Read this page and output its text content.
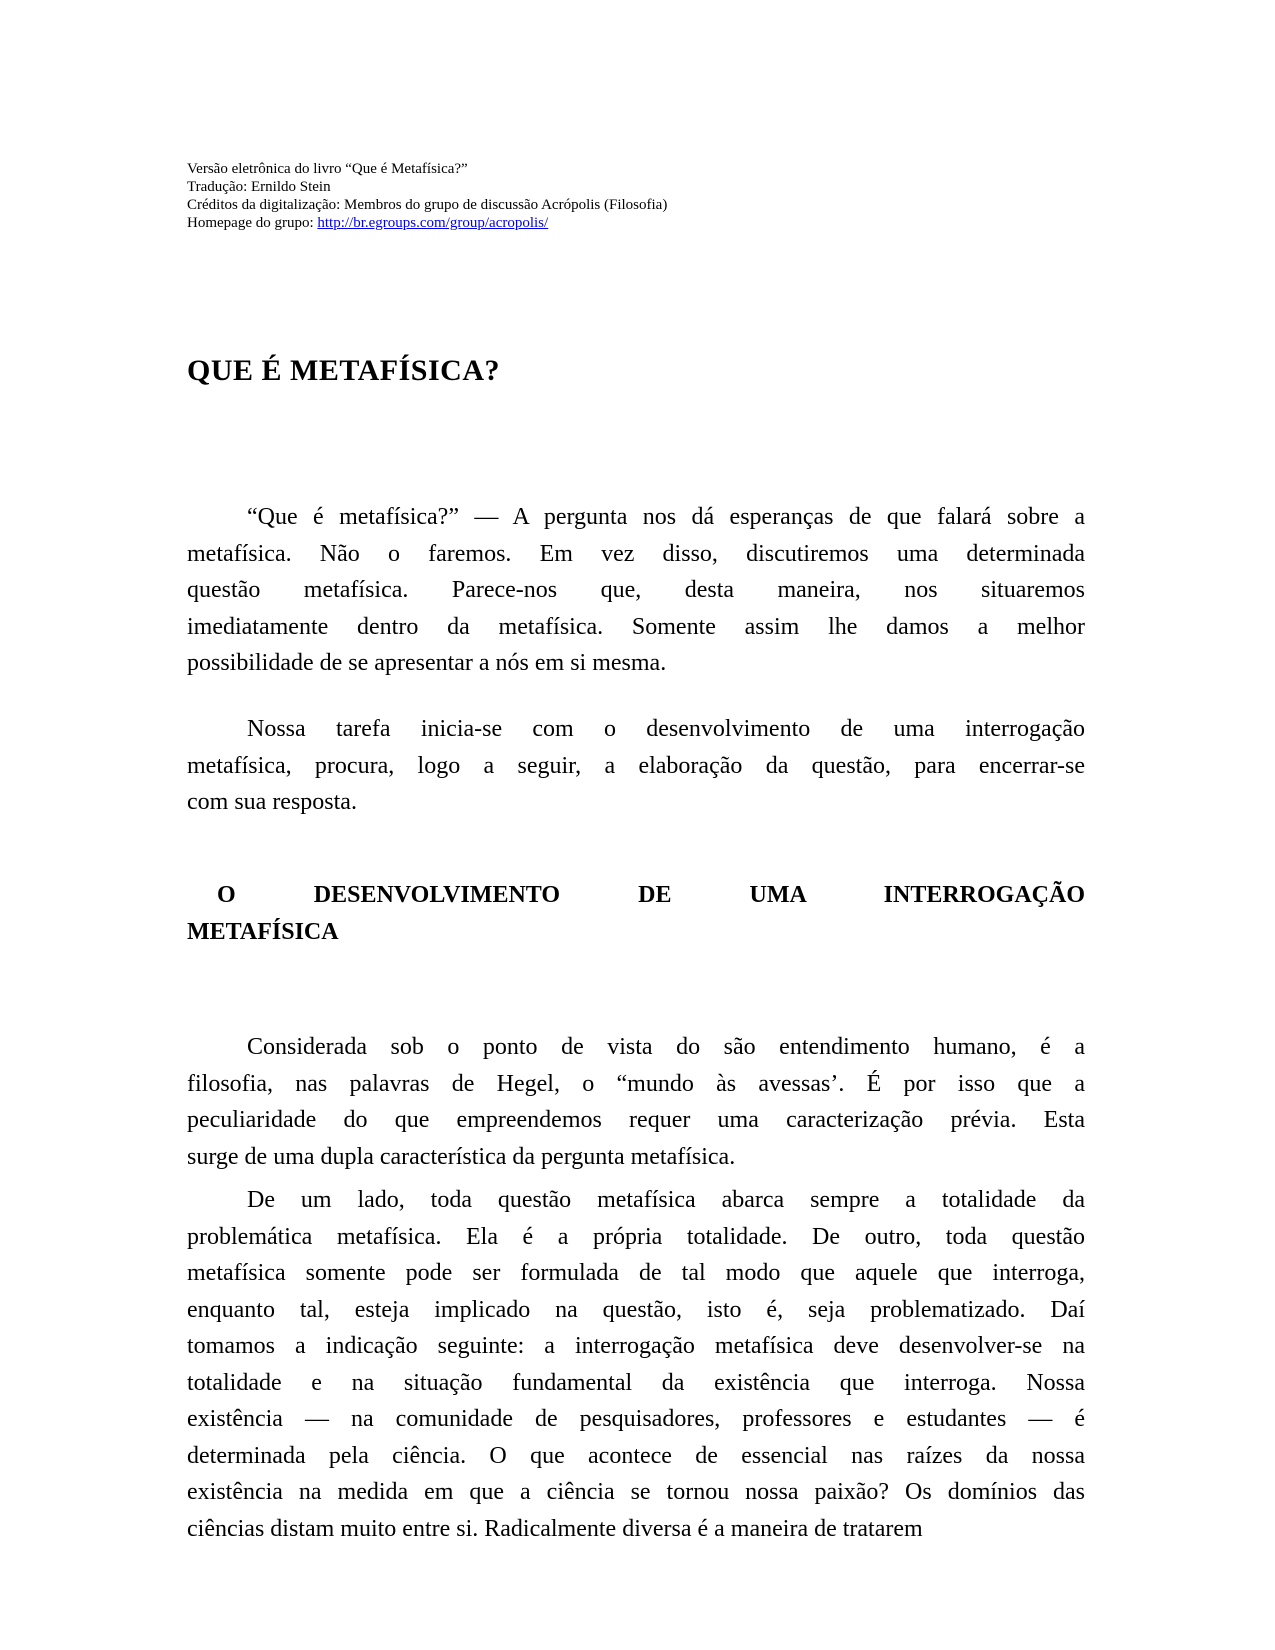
Versão eletrônica do livro “Que é Metafísica?”
Tradução: Ernildo Stein
Créditos da digitalização: Membros do grupo de discussão Acrópolis (Filosofia)
Homepage do grupo: http://br.egroups.com/group/acropolis/
QUE É METAFÍSICA?
“Que é metafísica?” — A pergunta nos dá esperanças de que falará sobre a
metafísica. Não o faremos. Em vez disso, discutiremos uma determinada
questão metafísica. Parece-nos que, desta maneira, nos situaremos
imediatamente dentro da metafísica. Somente assim lhe damos a melhor
possibilidade de se apresentar a nós em si mesma.
Nossa tarefa inicia-se com o desenvolvimento de uma interrogação
metafísica, procura, logo a seguir, a elaboração da questão, para encerrar-se
com sua resposta.
O DESENVOLVIMENTO DE UMA INTERROGAÇÃO
METAFÍSICA
Considerada sob o ponto de vista do são entendimento humano, é a
filosofia, nas palavras de Hegel, o “mundo às avessas’. É por isso que a
peculiaridade do que empreendemos requer uma caracterização prévia. Esta
surge de uma dupla característica da pergunta metafísica.
De um lado, toda questão metafísica abarca sempre a totalidade da
problemática metafísica. Ela é a própria totalidade. De outro, toda questão
metafísica somente pode ser formulada de tal modo que aquele que interroga,
enquanto tal, esteja implicado na questão, isto é, seja problematizado. Daí
tomamos a indicação seguinte: a interrogação metafísica deve desenvolver-se na
totalidade e na situação fundamental da existência que interroga. Nossa
existência — na comunidade de pesquisadores, professores e estudantes — é
determinada pela ciência. O que acontece de essencial nas raízes da nossa
existência na medida em que a ciência se tornou nossa paixão? Os domínios das
ciências distam muito entre si. Radicalmente diversa é a maneira de tratarem
